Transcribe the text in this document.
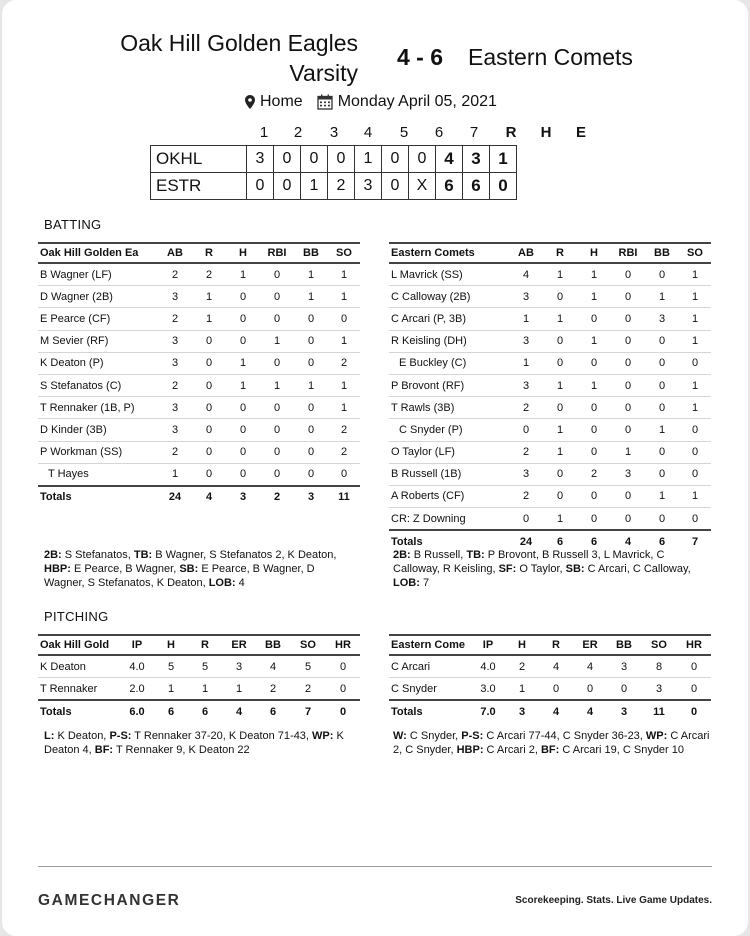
Oak Hill Golden Eagles Varsity
4 - 6	Eastern Comets
Home Monday April 05, 2021
1	2	3	4	5	6	7	R	H	E
OKHL	3	0	0	0	1	0	0	4	3	1
ESTR	0	0	1	2	3	0	X	6	6	0
BATTING
Oak Hill Golden Ea	AB	R	H	RBI	BB	SO
B Wagner (LF)	2	2	1	0	1	1
D Wagner (2B)	3	1	0	0	1	1
E Pearce (CF)	2	1	0	0	0	0
M Sevier (RF)	3	0	0	1	0	1
K Deaton (P)	3	0	1	0	0	2
S Stefanatos (C)	2	0	1	1	1	1
T Rennaker (1B, P)	3	0	0	0	0	1
D Kinder (3B)	3	0	0	0	0	2
P Workman (SS)	2	0	0	0	0	2
T Hayes	1	0	0	0	0	0
Totals	24	4	3	2	3	11
Eastern Comets	AB	R	H	RBI	BB	SO
L Mavrick (SS)	4	1	1	0	0	1
C Calloway (2B)	3	0	1	0	1	1
C Arcari (P, 3B)	1	1	0	0	3	1
R Keisling (DH)	3	0	1	0	0	1
E Buckley (C)	1	0	0	0	0	0
P Brovont (RF)	3	1	1	0	0	1
T Rawls (3B)	2	0	0	0	0	1
C Snyder (P)	0	1	0	0	1	0
O Taylor (LF)	2	1	0	1	0	0
B Russell (1B)	3	0	2	3	0	0
A Roberts (CF)	2	0	0	0	1	1
CR: Z Downing	0	1	0	0	0	0
Totals	24	6	6	4	6	7
2B: S Stefanatos, TB: B Wagner, S Stefanatos 2, K Deaton, HBP: E Pearce, B Wagner, SB: E Pearce, B Wagner, D Wagner, S Stefanatos, K Deaton, LOB: 4
2B: B Russell, TB: P Brovont, B Russell 3, L Mavrick, C Calloway, R Keisling, SF: O Taylor, SB: C Arcari, C Calloway, LOB: 7
PITCHING
Oak Hill Gold	IP	H	R	ER	BB	SO	HR
K Deaton	4.0	5	5	3	4	5	0
T Rennaker	2.0	1	1	1	2	2	0
Totals	6.0	6	6	4	6	7	0
Eastern Come	IP	H	R	ER	BB	SO	HR
C Arcari	4.0	2	4	4	3	8	0
C Snyder	3.0	1	0	0	0	3	0
Totals	7.0	3	4	4	3	11	0
L: K Deaton, P-S: T Rennaker 37-20, K Deaton 71-43, WP: K Deaton 4, BF: T Rennaker 9, K Deaton 22
W: C Snyder, P-S: C Arcari 77-44, C Snyder 36-23, WP: C Arcari 2, C Snyder, HBP: C Arcari 2, BF: C Arcari 19, C Snyder 10
GAMECHANGER	Scorekeeping. Stats. Live Game Updates.
